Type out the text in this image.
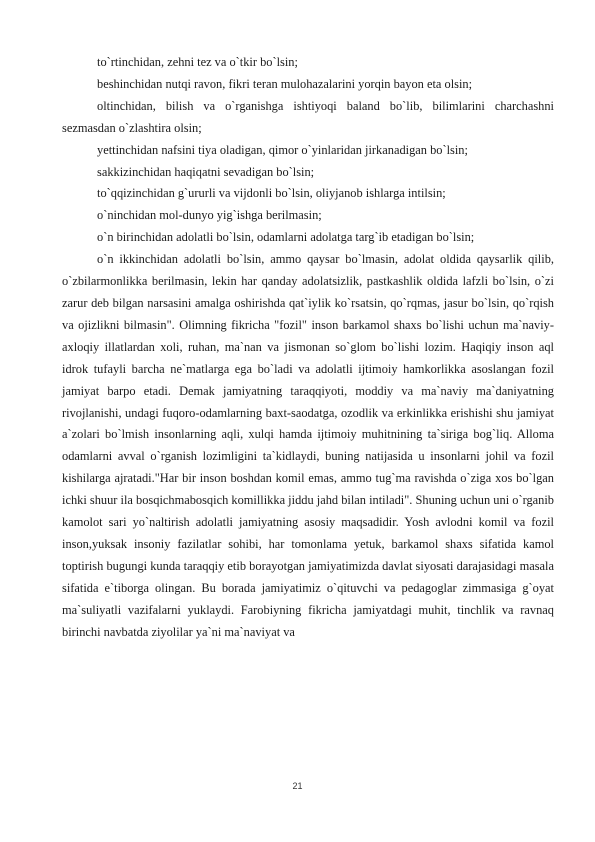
to`rtinchidan, zehni tez va o`tkir bo`lsin;

beshinchidan nutqi ravon, fikri teran mulohazalarini yorqin bayon eta olsin;

oltinchidan, bilish va o`rganishga ishtiyoqi baland bo`lib, bilimlarini charchashni sezmasdan o`zlashtira olsin;

yettinchidan nafsini tiya oladigan, qimor o`yinlaridan jirkanadigan bo`lsin;

sakkizinchidan haqiqatni sevadigan bo`lsin;

to`qqizinchidan g`ururli va vijdonli bo`lsin, oliyjanob ishlarga intilsin;

o`ninchidan mol-dunyo yig`ishga berilmasin;

o`n birinchidan adolatli bo`lsin, odamlarni adolatga targ`ib etadigan bo`lsin;

o`n ikkinchidan adolatli bo`lsin, ammo qaysar bo`lmasin, adolat oldida qaysarlik qilib, o`zbilarmonlikka berilmasin, lekin har qanday adolatsizlik, pastkashlik oldida lafzli bo`lsin, o`zi zarur deb bilgan narsasini amalga oshirishda qat`iylik ko`rsatsin, qo`rqmas, jasur bo`lsin, qo`rqish va ojizlikni bilmasin". Olimning fikricha "fozil" inson barkamol shaxs bo`lishi uchun ma`naviy- axloqiy illatlardan xoli, ruhan, ma`nan va jismonan so`glom bo`lishi lozim. Haqiqiy inson aql idrok tufayli barcha ne`matlarga ega bo`ladi va adolatli ijtimoiy hamkorlikka asoslangan fozil jamiyat barpo etadi. Demak jamiyatning taraqqiyoti, moddiy va ma`naviy ma`daniyatning rivojlanishi, undagi fuqoro-odamlarning baxt-saodatga, ozodlik va erkinlikka erishishi shu jamiyat a`zolari bo`lmish insonlarning aqli, xulqi hamda ijtimoiy muhitnining ta`siriga bog`liq. Alloma odamlarni avval o`rganish lozimligini ta`kidlaydi, buning natijasida u insonlarni johil va fozil kishilarga ajratadi."Har bir inson boshdan komil emas, ammo tug`ma ravishda o`ziga xos bo`lgan ichki shuur ila bosqichmabosqich komillikka jiddu jahd bilan intiladi". Shuning uchun uni o`rganib kamolot sari yo`naltirish adolatli jamiyatning asosiy maqsadidir. Yosh avlodni komil va fozil inson,yuksak insoniy fazilatlar sohibi, har tomonlama yetuk, barkamol shaxs sifatida kamol toptirish bugungi kunda taraqqiy etib borayotgan jamiyatimizda davlat siyosati darajasidagi masala sifatida e`tiborga olingan. Bu borada jamiyatimiz o`qituvchi va pedagoglar zimmasiga g`oyat ma`suliyatli vazifalarni yuklaydi. Farobiyning fikricha jamiyatdagi muhit, tinchlik va ravnaq birinchi navbatda ziyolilar ya`ni ma`naviyat va

21
